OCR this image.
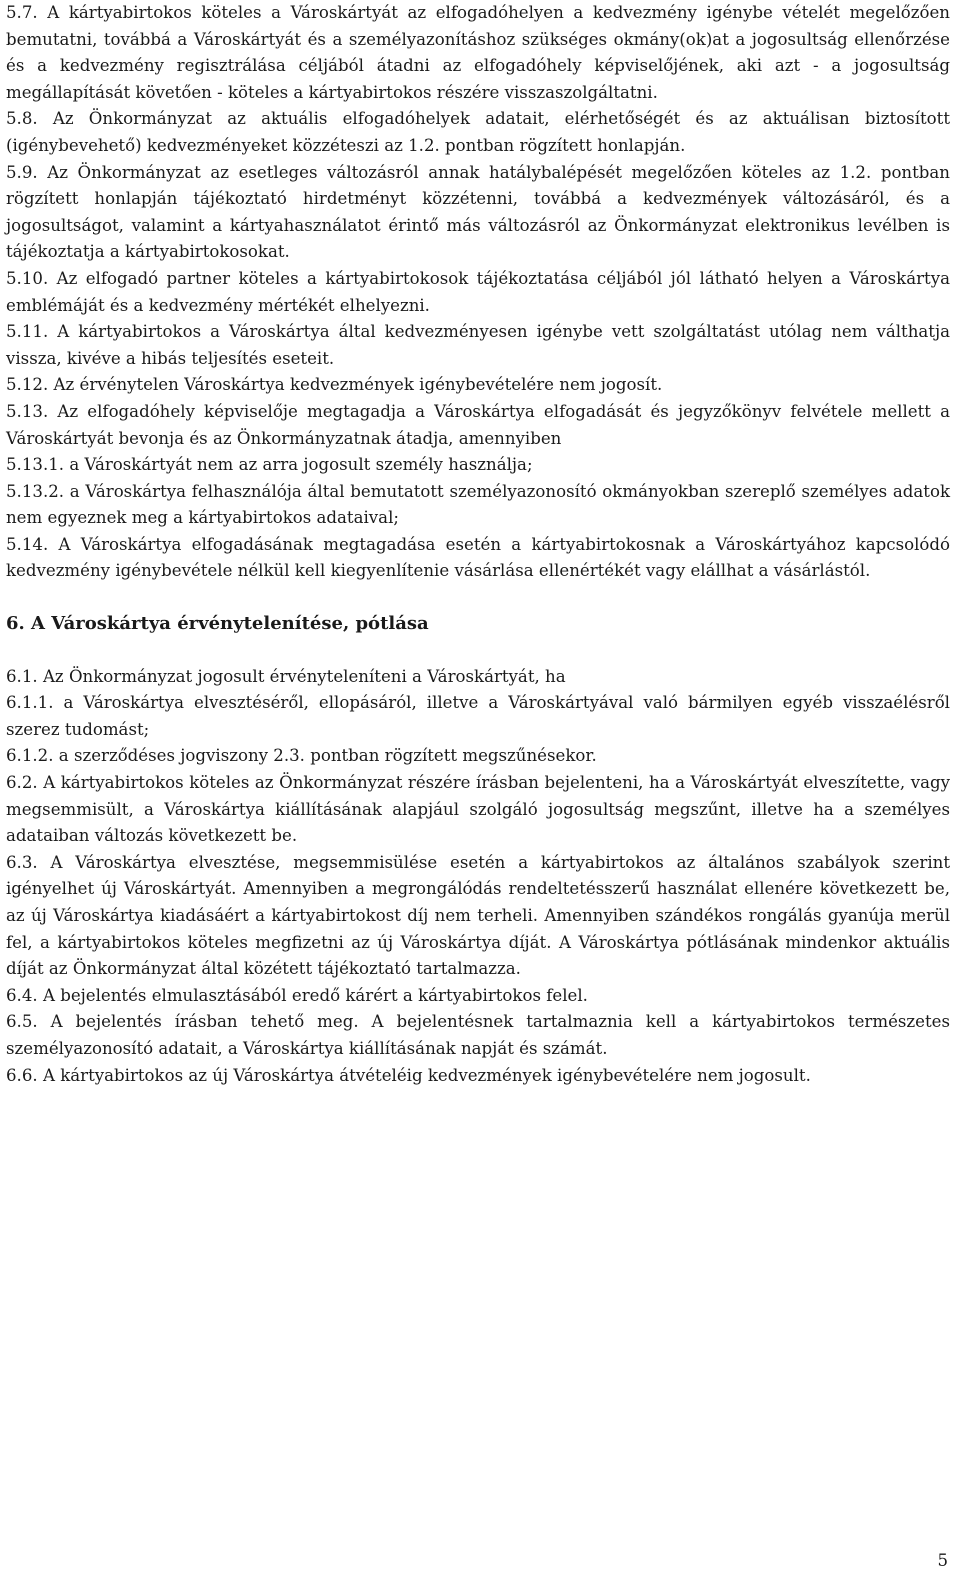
5.7. A kártyabirtokos köteles a Városkártyát az elfogadóhelyen a kedvezmény igénybe vételét megelőzően bemutatni, továbbá a Városkártyát és a személyazonításhoz szükséges okmány(ok)at a jogosultság ellenőrzése és a kedvezmény regisztrálása céljából átadni az elfogadóhely képviselőjének, aki azt - a jogosultság megállapítását követően - köteles a kártyabirtokos részére visszaszolgáltatni.

5.8. Az Önkormányzat az aktuális elfogadóhelyek adatait, elérhetőségét és az aktuálisan biztosított (igénybevehető) kedvezményeket közzéteszi az 1.2. pontban rögzített honlapján.

5.9. Az Önkormányzat az esetleges változásról annak hatálybalépését megelőzően köteles az 1.2. pontban rögzített honlapján tájékoztató hirdetményt közzétenni, továbbá a kedvezmények változásáról, és a jogosultságot, valamint a kártyahasználatot érintő más változásról az Önkormányzat elektronikus levélben is tájékoztatja a kártyabirtokosokat.

5.10. Az elfogadó partner köteles a kártyabirtokosok tájékoztatása céljából jól látható helyen a Városkártya emblémáját és a kedvezmény mértékét elhelyezni.

5.11. A kártyabirtokos a Városkártya által kedvezményesen igénybe vett szolgáltatást utólag nem válthatja vissza, kivéve a hibás teljesítés eseteit.

5.12. Az érvénytelen Városkártya kedvezmények igénybevételére nem jogosít.

5.13. Az elfogadóhely képviselője megtagadja a Városkártya elfogadását és jegyzőkönyv felvétele mellett a Városkártyát bevonja és az Önkormányzatnak átadja, amennyiben

5.13.1. a Városkártyát nem az arra jogosult személy használja;

5.13.2. a Városkártya felhasználója által bemutatott személyazonosító okmányokban szereplő személyes adatok nem egyeznek meg a kártyabirtokos adataival;

5.14. A Városkártya elfogadásának megtagadása esetén a kártyabirtokosnak a Városkártyához kapcsolódó kedvezmény igénybevétele nélkül kell kiegyenlítenie vásárlása ellenértékét vagy elállhat a vásárlástól.

6. A Városkártya érvénytelenítése, pótlása

6.1. Az Önkormányzat jogosult érvényteleníteni a Városkártyát, ha

6.1.1. a Városkártya elvesztéséről, ellopásáról, illetve a Városkártyával való bármilyen egyéb visszaélésről szerez tudomást;

6.1.2. a szerződéses jogviszony 2.3. pontban rögzített megszűnésekor.

6.2. A kártyabirtokos köteles az Önkormányzat részére írásban bejelenteni, ha a Városkártyát elveszítette, vagy megsemmisült, a Városkártya kiállításának alapjául szolgáló jogosultság megszűnt, illetve ha a személyes adataiban változás következett be.

6.3. A Városkártya elvesztése, megsemmisülése esetén a kártyabirtokos az általános szabályok szerint igényelhet új Városkártyát. Amennyiben a megrongálódás rendeltetésszerű használat ellenére következett be, az új Városkártya kiadásáért a kártyabirtokost díj nem terheli. Amennyiben szándékos rongálás gyanúja merül fel, a kártyabirtokos köteles megfizetni az új Városkártya díját. A Városkártya pótlásának mindenkor aktuális díját az Önkormányzat által közétett tájékoztató tartalmazza.

6.4. A bejelentés elmulasztásából eredő kárért a kártyabirtokos felel.

6.5. A bejelentés írásban tehető meg. A bejelentésnek tartalmaznia kell a kártyabirtokos természetes személyazonosító adatait, a Városkártya kiállításának napját és számát.

6.6. A kártyabirtokos az új Városkártya átvételéig kedvezmények igénybevételére nem jogosult.

5
